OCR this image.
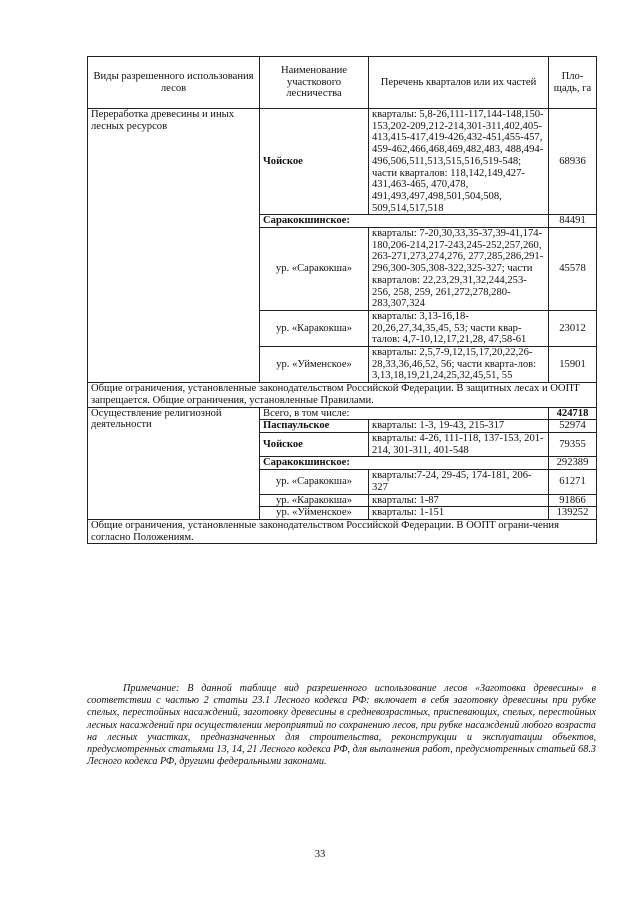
Виды разрешенного использования лесов	Наименование участкового лесничества	Перечень кварталов или их частей	Пло-щадь, га
Переработка древесины и иных лесных ресурсов	Чойское	кварталы: 5,8-26,111-117,144-148,150-153,202-209,212-214,301-311,402,405-413,415-417,419-426,432-451,455-457, 459-462,466,468,469,482,483, 488,494-496,506,511,513,515,516,519-548; части кварталов: 118,142,149,427-431,463-465, 470,478, 491,493,497,498,501,504,508, 509,514,517,518	68936
	Саракокшинское:		84491
	ур. «Саракокша»	кварталы: 7-20,30,33,35-37,39-41,174-180,206-214,217-243,245-252,257,260, 263-271,273,274,276, 277,285,286,291-296,300-305,308-322,325-327; части кварталов: 22,23,29,31,32,244,253-256, 258, 259, 261,272,278,280-283,307,324	45578
	ур. «Каракокша»	кварталы: 3,13-16,18-20,26,27,34,35,45, 53; части квар-талов: 4,7-10,12,17,21,28, 47,58-61	23012
	ур. «Уйменское»	кварталы: 2,5,7-9,12,15,17,20,22,26-28,33,36,46,52, 56; части кварта-лов: 3,13,18,19,21,24,25,32,45,51, 55	15901
Общие ограничения, установленные законодательством Российской Федерации. В защитных лесах и ООПТ запрещается. Общие ограничения, установленные Правилами.			
Осуществление религиозной деятельности	Всего, в том числе:		424718
	Паспаульское	кварталы: 1-3, 19-43, 215-317	52974
	Чойское	кварталы: 4-26, 111-118, 137-153, 201-214, 301-311, 401-548	79355
	Саракокшинское:		292389
	ур. «Саракокша»	кварталы:7-24, 29-45, 174-181, 206-327	61271
	ур. «Каракокша»	кварталы: 1-87	91866
	ур. «Уйменское»	кварталы: 1-151	139252
Общие ограничения, установленные законодательством Российской Федерации. В ООПТ ограни-чения согласно Положениям.			

Примечание: В данной таблице вид разрешенного использование лесов «Заготовка древесины» в соответствии с частью 2 статьи 23.1 Лесного кодекса РФ: включает в себя заготовку древесины при рубке спелых, перестойных насаждений, заготовку древесины в средневозрастных, приспевающих, спелых, перестойных лесных насаждений при осуществлении мероприятий по сохранению лесов, при рубке насаждений любого возраста на лесных участках, предназначенных для строительства, реконструкции и эксплуатации объектов, предусмотренных статьями 13, 14, 21 Лесного кодекса РФ, для выполнения работ, предусмотренных статьей 68.3 Лесного кодекса РФ, другими федеральными законами.

33
